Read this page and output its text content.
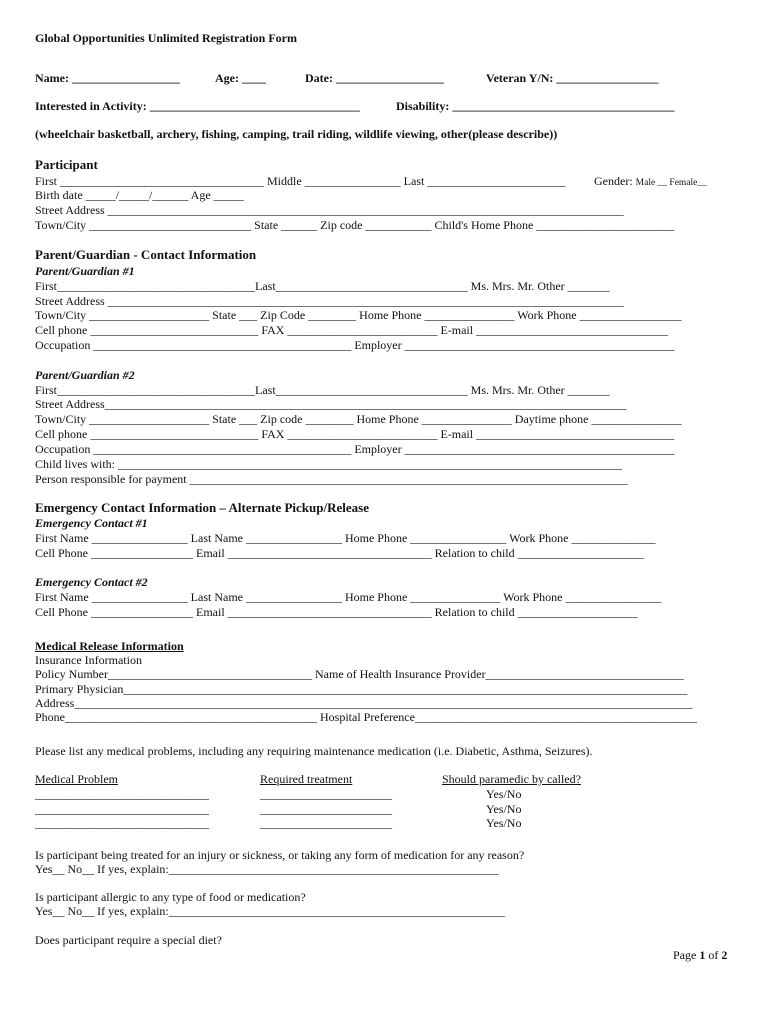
Global Opportunities Unlimited Registration Form
Name: __________________	Age: ____	Date: __________________	Veteran Y/N: _________________
Interested in Activity: ___________________________________	Disability: _____________________________________
(wheelchair basketball, archery, fishing, camping, trail riding, wildlife viewing, other(please describe))
Participant
First __________________________________ Middle ________________ Last _______________________ Gender: Male __ Female__
Birth date _____/_____/______ Age _____
Street Address ______________________________________________________________________________________
Town/City ___________________________ State ______ Zip code ___________ Child's Home Phone _______________________
Parent/Guardian - Contact Information
Parent/Guardian #1
First_________________________________Last________________________________ Ms. Mrs. Mr. Other _______
Street Address ______________________________________________________________________________________
Town/City ____________________ State ___ Zip Code ________ Home Phone _______________ Work Phone _________________
Cell phone ____________________________ FAX _________________________ E-mail ________________________________
Occupation ___________________________________________ Employer _____________________________________________
Parent/Guardian #2
First_________________________________Last________________________________ Ms. Mrs. Mr. Other _______
Street Address_______________________________________________________________________________________
Town/City ____________________ State ___ Zip code ________ Home Phone _______________ Daytime phone _______________
Cell phone ____________________________ FAX _________________________ E-mail _________________________________
Occupation ___________________________________________ Employer _____________________________________________
Child lives with: ____________________________________________________________________________________
Person responsible for payment _________________________________________________________________________
Emergency Contact Information – Alternate Pickup/Release
Emergency Contact #1
First Name ________________ Last Name ________________ Home Phone ________________ Work Phone ______________
Cell Phone _________________ Email __________________________________ Relation to child _____________________
Emergency Contact #2
First Name ________________ Last Name ________________ Home Phone _______________ Work Phone ________________
Cell Phone _________________ Email __________________________________ Relation to child ____________________
Medical Release Information
Insurance Information
Policy Number__________________________________ Name of Health Insurance Provider_________________________________
Primary Physician______________________________________________________________________________________________
Address_______________________________________________________________________________________________________
Phone__________________________________________ Hospital Preference_______________________________________________
Please list any medical problems, including any requiring maintenance medication (i.e. Diabetic, Asthma, Seizures).
Medical Problem	Required treatment	Should paramedic by called?
_____________________________	______________________	Yes/No
_____________________________	______________________	Yes/No
_____________________________	______________________	Yes/No
Is participant being treated for an injury or sickness, or taking any form of medication for any reason?
Yes__ No__ If yes, explain:_______________________________________________________
Is participant allergic to any type of food or medication?
Yes__ No__ If yes, explain:________________________________________________________
Does participant require a special diet?
Page 1 of 2
